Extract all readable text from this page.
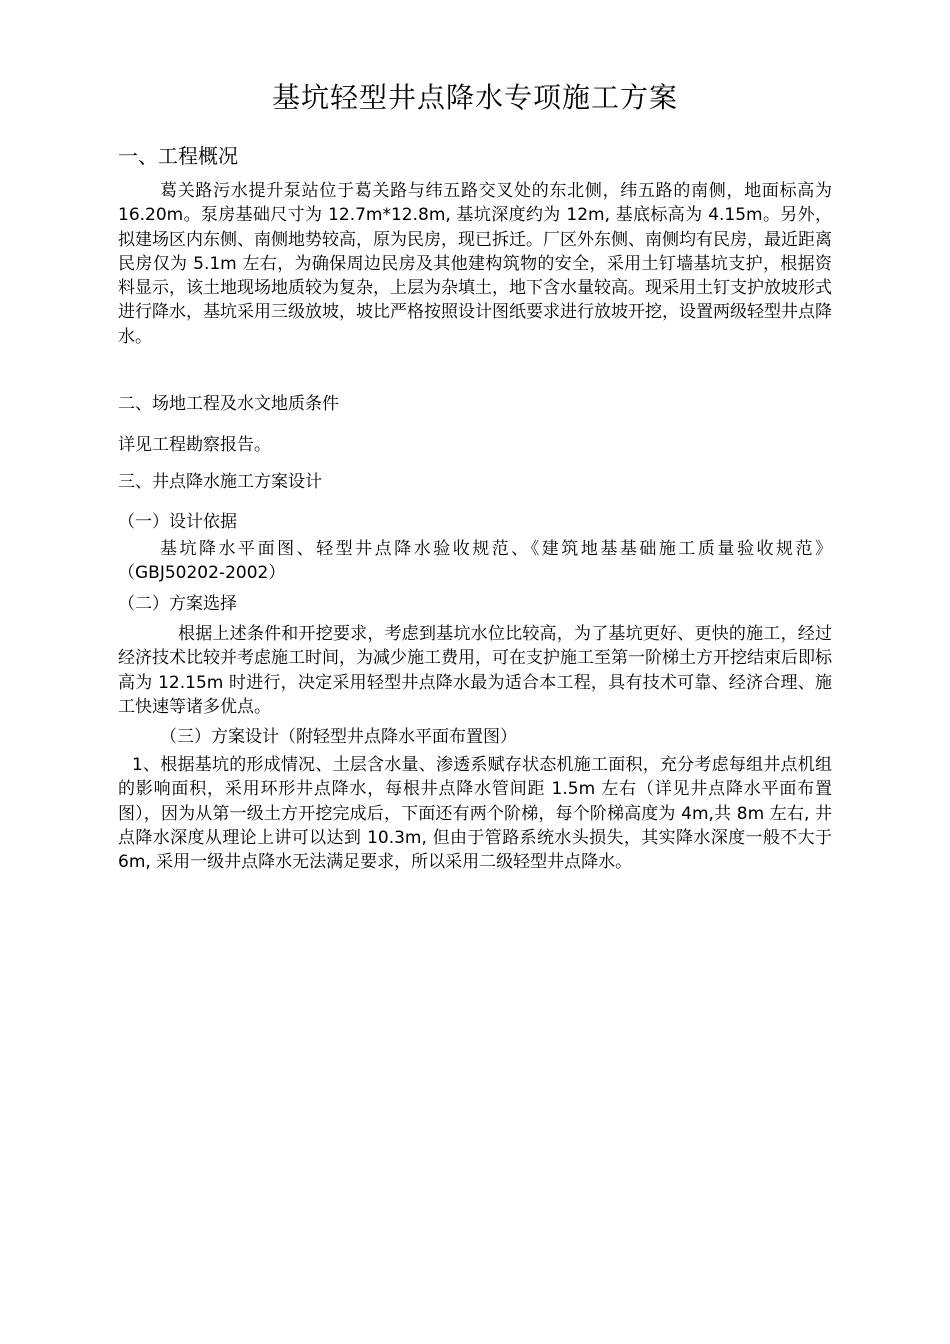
基坑轻型井点降水专项施工方案
一、工程概况

葛关路污水提升泵站位于葛关路与纬五路交叉处的东北侧，纬五路的南侧，地面标高为 16.20m。泵房基础尺寸为 12.7m*12.8m, 基坑深度约为 12m, 基底标高为 4.15m。另外，拟建场区内东侧、南侧地势较高，原为民房，现已拆迁。厂区外东侧、南侧均有民房，最近距离民房仅为 5.1m 左右，为确保周边民房及其他建构筑物的安全，采用土钉墙基坑支护，根据资料显示，该土地现场地质较为复杂，上层为杂填土，地下含水量较高。现采用土钉支护放坡形式进行降水，基坑采用三级放坡，坡比严格按照设计图纸要求进行放坡开挖，设置两级轻型井点降水。

二、场地工程及水文地质条件
详见工程勘察报告。
三、井点降水施工方案设计
（一）设计依据

基坑降水平面图、轻型井点降水验收规范、《建筑地基基础施工质量验收规范》（GBJ50202-2002）

（二）方案选择

根据上述条件和开挖要求，考虑到基坑水位比较高，为了基坑更好、更快的施工，经过经济技术比较并考虑施工时间，为减少施工费用，可在支护施工至第一阶梯土方开挖结束后即标高为 12.15m 时进行，决定采用轻型井点降水最为适合本工程，具有技术可靠、经济合理、施工快速等诸多优点。

（三）方案设计（附轻型井点降水平面布置图）

1、根据基坑的形成情况、土层含水量、渗透系赋存状态机施工面积，充分考虑每组井点机组的影响面积，采用环形井点降水，每根井点降水管间距 1.5m 左右（详见井点降水平面布置图），因为从第一级土方开挖完成后，下面还有两个阶梯，每个阶梯高度为 4m,共 8m 左右, 井点降水深度从理论上讲可以达到 10.3m, 但由于管路系统水头损失，其实降水深度一般不大于 6m, 采用一级井点降水无法满足要求，所以采用二级轻型井点降水。
